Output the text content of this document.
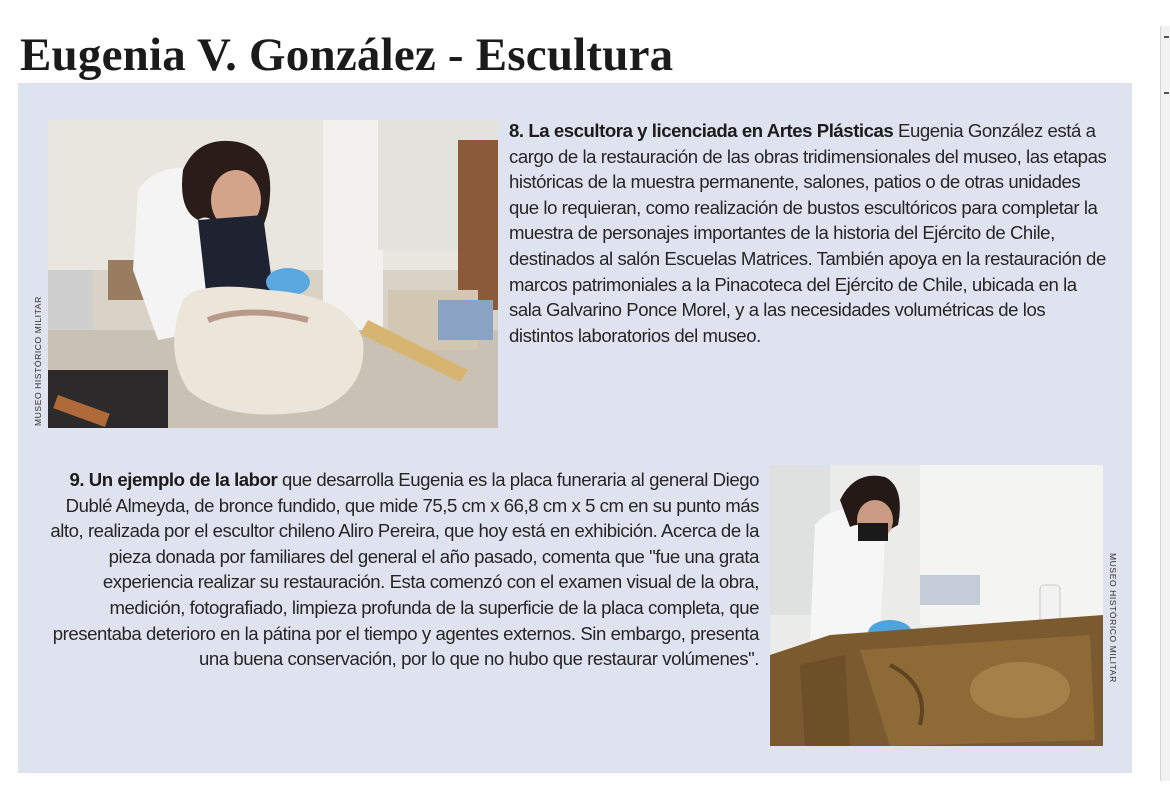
Eugenia V. González - Escultura
MUSEO HISTÓRICO MILITAR

8. La escultora y licenciada en Artes Plásticas Eugenia González está a cargo de la restauración de las obras tridimensionales del museo, las etapas históricas de la muestra permanente, salones, patios o de otras unidades que lo requieran, como realización de bustos escultóricos para completar la muestra de personajes importantes de la historia del Ejército de Chile, destinados al salón Escuelas Matrices. También apoya en la restauración de marcos patrimoniales a la Pinacoteca del Ejército de Chile, ubicada en la sala Galvarino Ponce Morel, y a las necesidades volumétricas de los distintos laboratorios del museo.

MUSEO HISTÓRICO MILITAR

9. Un ejemplo de la labor que desarrolla Eugenia es la placa funeraria al general Diego Dublé Almeyda, de bronce fundido, que mide 75,5 cm x 66,8 cm x 5 cm en su punto más alto, realizada por el escultor chileno Aliro Pereira, que hoy está en exhibición. Acerca de la pieza donada por familiares del general el año pasado, comenta que "fue una grata experiencia realizar su restauración. Esta comenzó con el examen visual de la obra, medición, fotografiado, limpieza profunda de la superficie de la placa completa, que presentaba deterioro en la pátina por el tiempo y agentes externos. Sin embargo, presenta una buena conservación, por lo que no hubo que restaurar volúmenes".
